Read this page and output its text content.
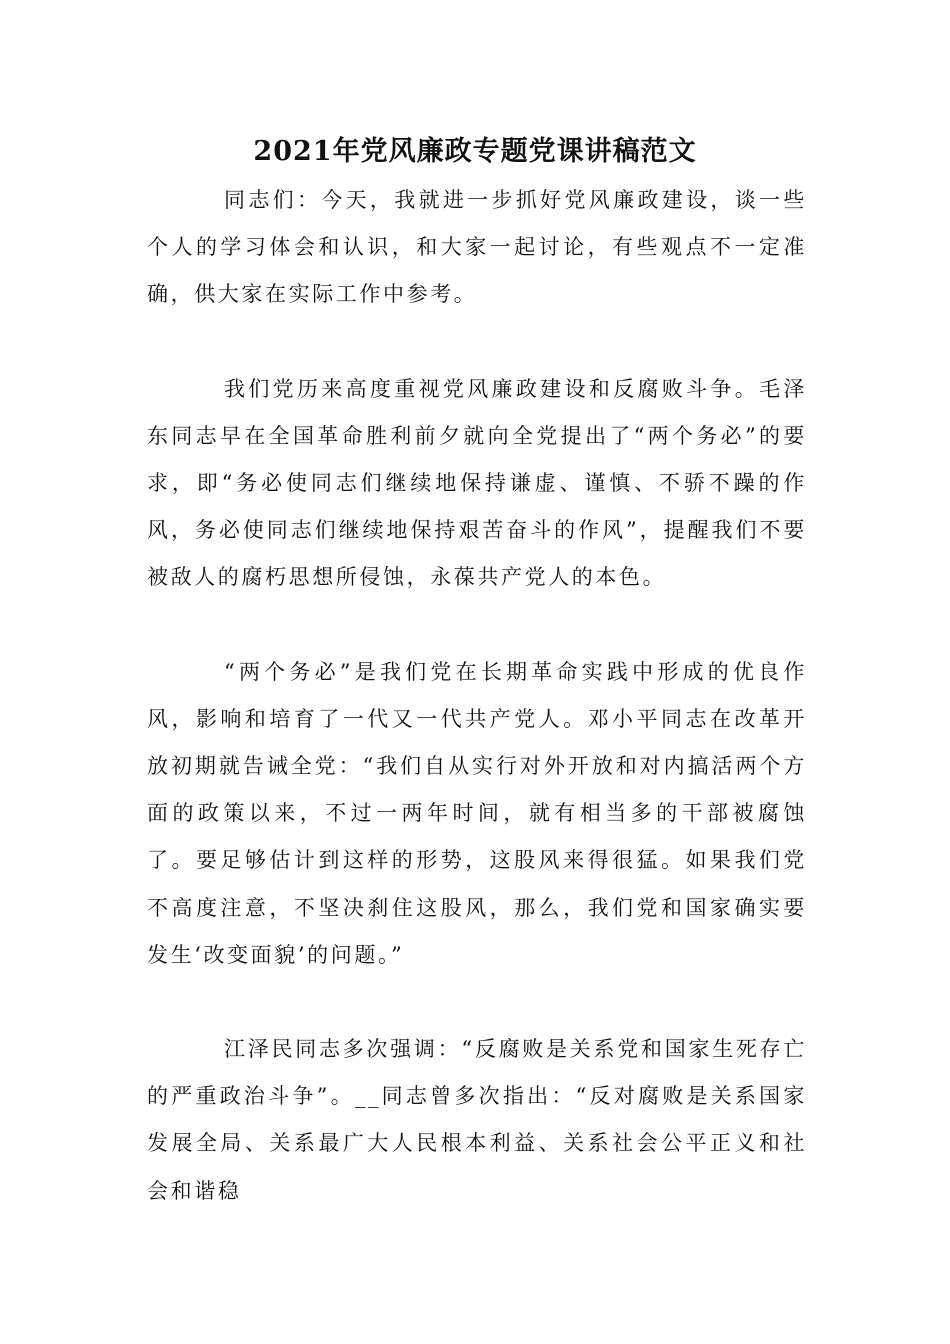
2021年党风廉政专题党课讲稿范文

同志们：今天，我就进一步抓好党风廉政建设，谈一些个人的学习体会和认识，和大家一起讨论，有些观点不一定准确，供大家在实际工作中参考。

我们党历来高度重视党风廉政建设和反腐败斗争。毛泽东同志早在全国革命胜利前夕就向全党提出了“两个务必”的要求，即“务必使同志们继续地保持谦虚、谨慎、不骄不躁的作风，务必使同志们继续地保持艰苦奋斗的作风”，提醒我们不要被敌人的腐朽思想所侵蚀，永葆共产党人的本色。

“两个务必”是我们党在长期革命实践中形成的优良作风，影响和培育了一代又一代共产党人。邓小平同志在改革开放初期就告诫全党：“我们自从实行对外开放和对内搞活两个方面的政策以来，不过一两年时间，就有相当多的干部被腐蚀了。要足够估计到这样的形势，这股风来得很猛。如果我们党不高度注意，不坚决刹住这股风，那么，我们党和国家确实要发生‘改变面貌’的问题。”

江泽民同志多次强调：“反腐败是关系党和国家生死存亡的严重政治斗争”。__同志曾多次指出：“反对腐败是关系国家发展全局、关系最广大人民根本利益、关系社会公平正义和社会和谐稳
